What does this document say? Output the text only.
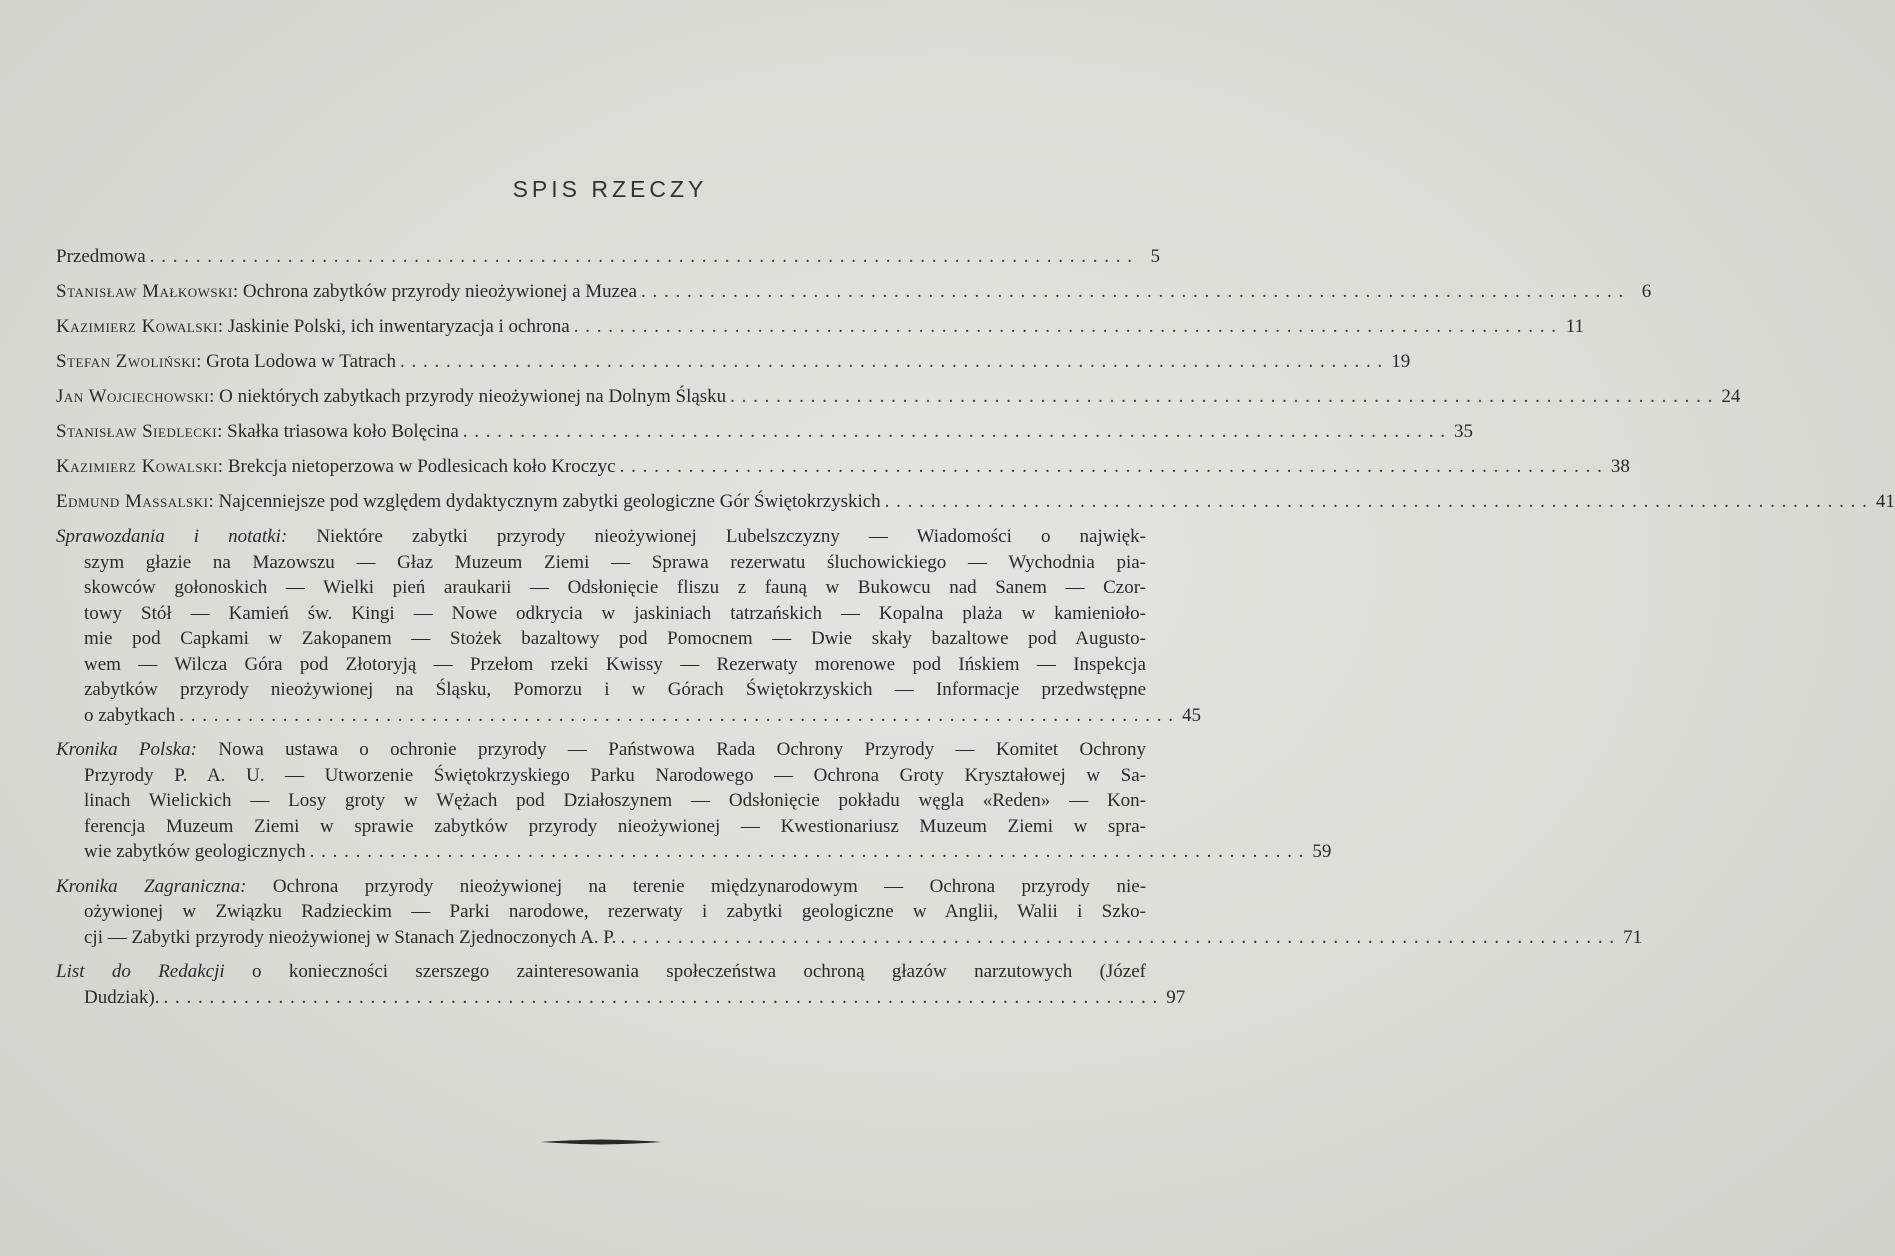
SPIS RZECZY
Przedmowa . . .	5
Stanisław Małkowski: Ochrona zabytków przyrody nieożywionej a Muzea . . .	6
Kazimierz Kowalski: Jaskinie Polski, ich inwentaryzacja i ochrona . . .	11
Stefan Zwoliński: Grota Lodowa w Tatrach . . .	19
Jan Wojciechowski: O niektórych zabytkach przyrody nieożywionej na Dolnym Śląsku . . .	24
Stanisław Siedlecki: Skałka triasowa koło Bolęcina . . .	35
Kazimierz Kowalski: Brekcja nietoperzowa w Podlesicach koło Kroczyc . . .	38
Edmund Massalski: Najcenniejsze pod względem dydaktycznym zabytki geologiczne Gór Świętokrzyskich . . .	41
Sprawozdania i notatki: Niektóre zabytki przyrody nieożywionej Lubelszczyzny — Wiadomości o najwięk-
szym głazie na Mazowszu — Głaz Muzeum Ziemi — Sprawa rezerwatu śluchowickiego — Wychodnia pia-
skowców gołonoskich — Wielki pień araukarii — Odsłonięcie fliszu z fauną w Bukowcu nad Sanem — Czor-
towy Stół — Kamień św. Kingi — Nowe odkrycia w jaskiniach tatrzańskich — Kopalna plaża w kamienioło-
mie pod Capkami w Zakopanem — Stożek bazaltowy pod Pomocnem — Dwie skały bazaltowe pod Augusto-
wem — Wilcza Góra pod Złotoryją — Przełom rzeki Kwissy — Rezerwaty morenowe pod Ińskiem — Inspekcja
zabytków przyrody nieożywionej na Śląsku, Pomorzu i w Górach Świętokrzyskich — Informacje przedwstępne
o zabytkach . . .	45
Kronika Polska: Nowa ustawa o ochronie przyrody — Państwowa Rada Ochrony Przyrody — Komitet Ochrony
Przyrody P. A. U. — Utworzenie Świętokrzyskiego Parku Narodowego — Ochrona Groty Kryształowej w Sa-
linach Wielickich — Losy groty w Wężach pod Działoszynem — Odsłonięcie pokładu węgla «Reden» — Kon-
ferencja Muzeum Ziemi w sprawie zabytków przyrody nieożywionej — Kwestionariusz Muzeum Ziemi w spra-
wie zabytków geologicznych . . .	59
Kronika Zagraniczna: Ochrona przyrody nieożywionej na terenie międzynarodowym — Ochrona przyrody nie-
ożywionej w Związku Radzieckim — Parki narodowe, rezerwaty i zabytki geologiczne w Anglii, Walii i Szko-
cji — Zabytki przyrody nieożywionej w Stanach Zjednoczonych A. P. . . .	71
List do Redakcji o konieczności szerszego zainteresowania społeczeństwa ochroną głazów narzutowych (Józef
Dudziak). . . .	97
